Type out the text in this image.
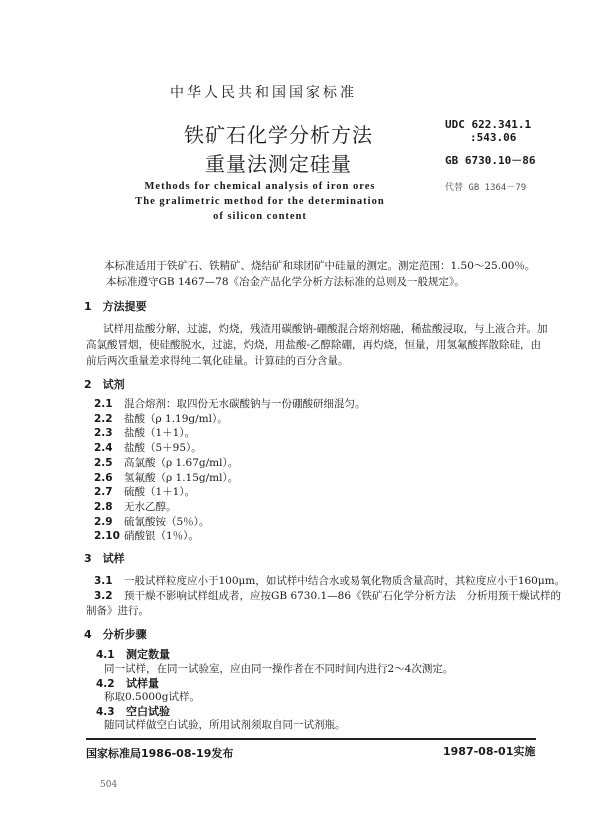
中华人民共和国国家标准
铁矿石化学分析方法
重量法测定硅量
Methods for chemical analysis of iron ores
The gralimetric method for the determination
of silicon content
UDC 622.341.1
:543.06
GB 6730.10－86
代替 GB 1364－79
本标准适用于铁矿石、铁精矿、烧结矿和球团矿中硅量的测定。测定范围：1.50～25.00％。
本标准遵守GB 1467—78《冶金产品化学分析方法标准的总则及一般规定》。
1　方法提要
试样用盐酸分解，过滤，灼烧，残渣用碳酸钠-硼酸混合熔剂熔融，稀盐酸浸取，与上液合并。加
高氯酸冒烟，使硅酸脱水，过滤，灼烧，用盐酸-乙醇除硼，再灼烧，恒量，用氢氟酸挥散除硅，由
前后两次重量差求得纯二氧化硅量。计算硅的百分含量。
2　试剂
2.1 混合熔剂：取四份无水碳酸钠与一份硼酸研细混匀。
2.2 盐酸（ρ 1.19g/ml）。
2.3 盐酸（1＋1）。
2.4 盐酸（5＋95）。
2.5 高氯酸（ρ 1.67g/ml）。
2.6 氢氟酸（ρ 1.15g/ml）。
2.7 硫酸（1＋1）。
2.8 无水乙醇。
2.9 硫氰酸铵（5％）。
2.10 硝酸银（1％）。
3　试样
3.1 一般试样粒度应小于100μm，如试样中结合水或易氧化物质含量高时，其粒度应小于160μm。
3.2 预干燥不影响试样组成者，应按GB 6730.1—86《铁矿石化学分析方法　分析用预干燥试样的
制备》进行。
4　分析步骤
4.1 测定数量
同一试样，在同一试验室，应由同一操作者在不同时间内进行2～4次测定。
4.2 试样量
称取0.5000g试样。
4.3 空白试验
随同试样做空白试验，所用试剂须取自同一试剂瓶。
国家标准局1986-08-19发布	1987-08-01实施
504
